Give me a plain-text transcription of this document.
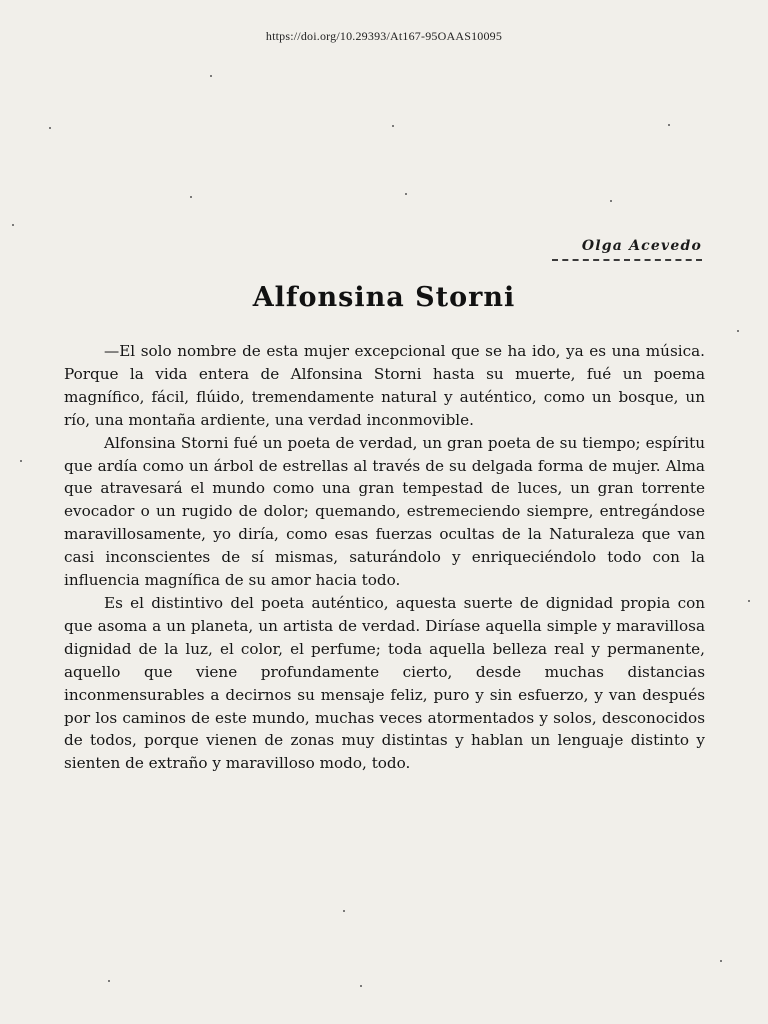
https://doi.org/10.29393/At167-95OAAS10095
Olga Acevedo
Alfonsina Storni

—El solo nombre de esta mujer excepcional que se ha ido, ya es una música. Porque la vida entera de Alfonsina Storni hasta su muerte, fué un poema magnífico, fácil, flúido, tremendamente natural y auténtico, como un bosque, un río, una montaña ardiente, una verdad inconmovible.

Alfonsina Storni fué un poeta de verdad, un gran poeta de su tiempo; espíritu que ardía como un árbol de estrellas al través de su delgada forma de mujer. Alma que atravesará el mundo como una gran tempestad de luces, un gran torrente evocador o un rugido de dolor; quemando, estremeciendo siempre, entregándose maravillosamente, yo diría, como esas fuerzas ocultas de la Naturaleza que van casi inconscientes de sí mismas, saturándolo y enriqueciéndolo todo con la influencia magnífica de su amor hacia todo.

Es el distintivo del poeta auténtico, aquesta suerte de dignidad propia con que asoma a un planeta, un artista de verdad. Diríase aquella simple y maravillosa dignidad de la luz, el color, el perfume; toda aquella belleza real y permanente, aquello que viene profundamente cierto, desde muchas distancias inconmensurables a decirnos su mensaje feliz, puro y sin esfuerzo, y van después por los caminos de este mundo, muchas veces atormentados y solos, desconocidos de todos, porque vienen de zonas muy distintas y hablan un lenguaje distinto y sienten de extraño y maravilloso modo, todo.
